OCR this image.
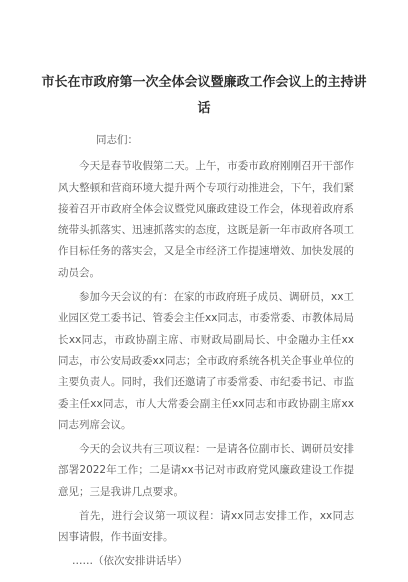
市长在市政府第一次全体会议暨廉政工作会议上的主持讲话

同志们：

今天是春节收假第二天。上午，市委市政府刚刚召开干部作风大整顿和营商环境大提升两个专项行动推进会，下午，我们紧接着召开市政府全体会议暨党风廉政建设工作会，体现着政府系统带头抓落实、迅速抓落实的态度，这既是新一年市政府各项工作目标任务的落实会，又是全市经济工作提速增效、加快发展的动员会。

参加今天会议的有：在家的市政府班子成员、调研员，xx工业园区党工委书记、管委会主任xx同志，市委常委、市教体局局长xx同志，市政协副主席、市财政局副局长、中金融办主任xx同志，市公安局政委xx同志；全市政府系统各机关企事业单位的主要负责人。同时，我们还邀请了市委常委、市纪委书记、市监委主任xx同志，市人大常委会副主任xx同志和市政协副主席xx同志列席会议。

今天的会议共有三项议程：一是请各位副市长、调研员安排部署2022年工作；二是请xx书记对市政府党风廉政建设工作提意见；三是我讲几点要求。

首先，进行会议第一项议程：请xx同志安排工作，xx同志因事请假，作书面安排。

……（依次安排讲话毕）
